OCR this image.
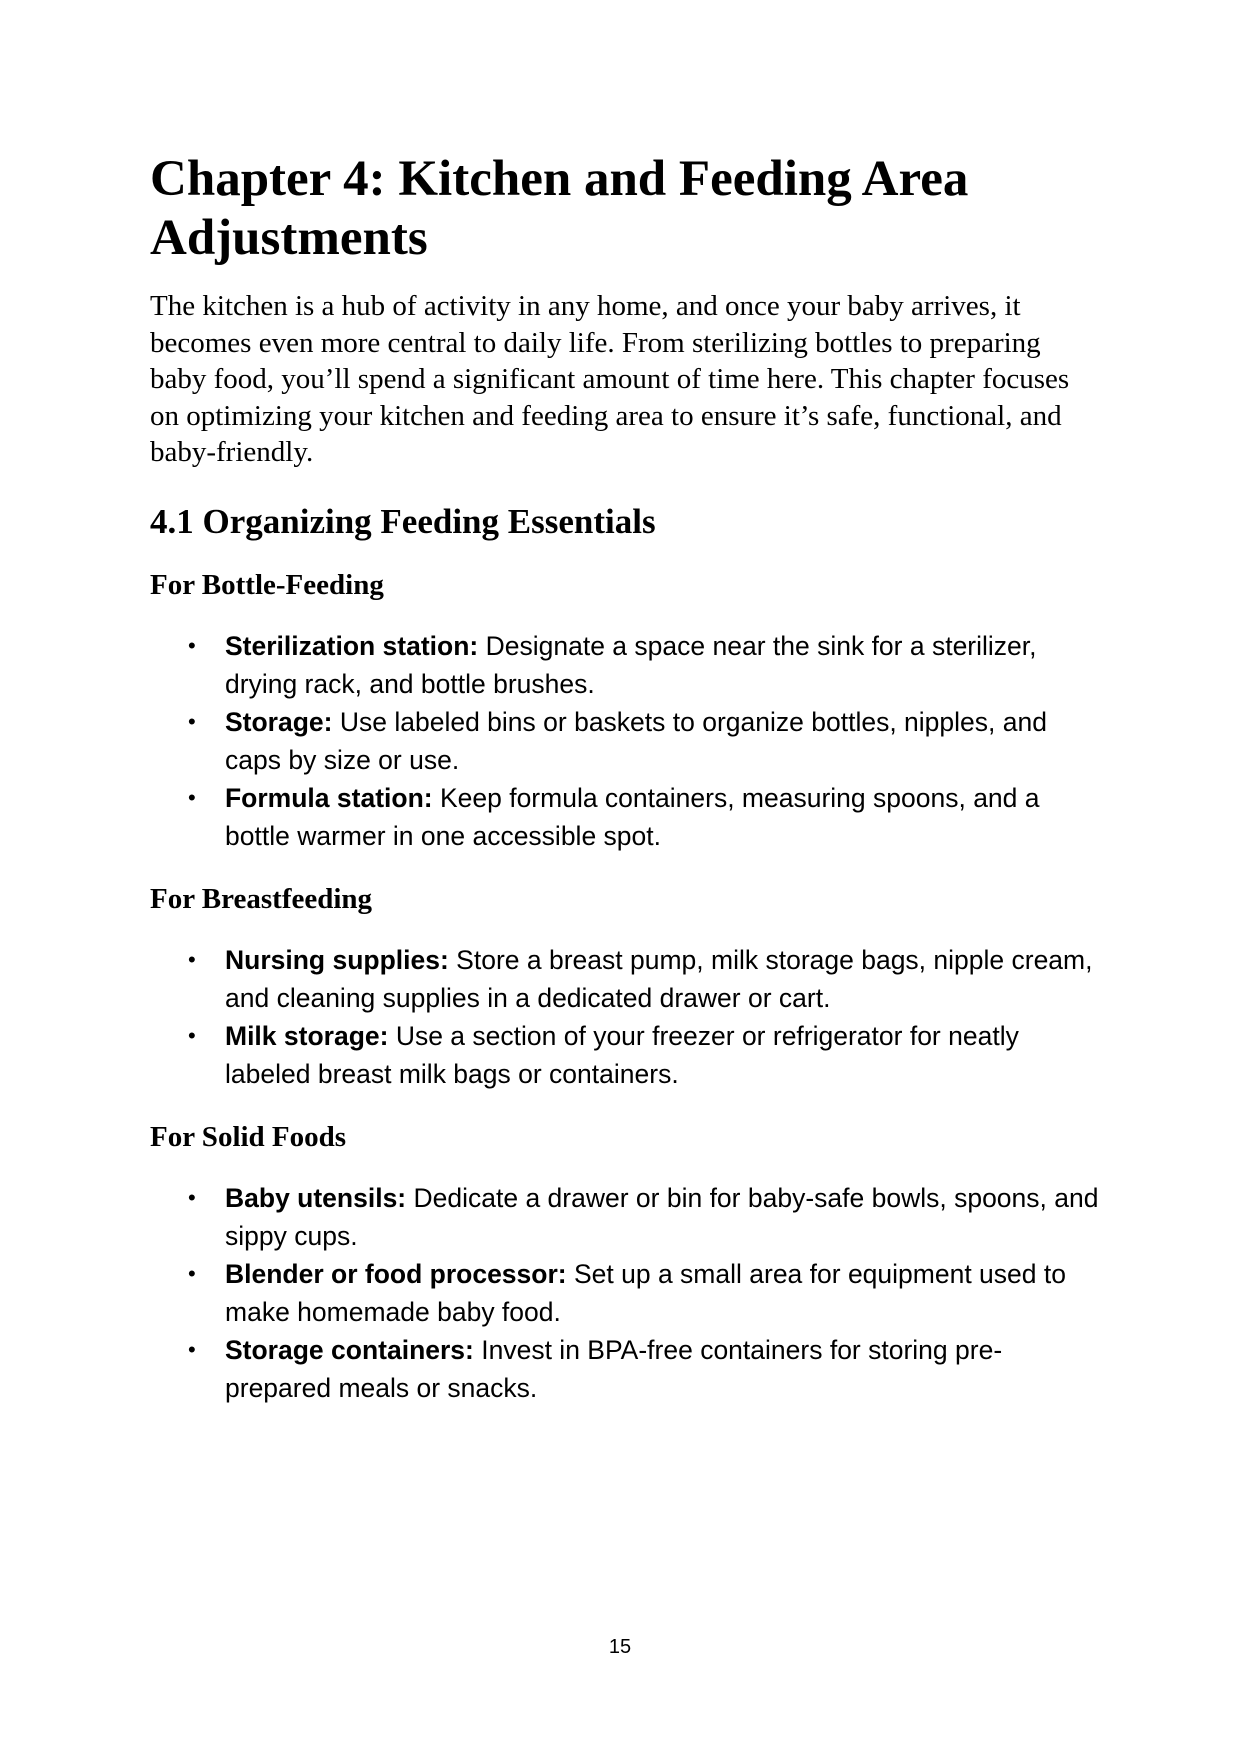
Chapter 4: Kitchen and Feeding Area Adjustments

The kitchen is a hub of activity in any home, and once your baby arrives, it becomes even more central to daily life. From sterilizing bottles to preparing baby food, you’ll spend a significant amount of time here. This chapter focuses on optimizing your kitchen and feeding area to ensure it’s safe, functional, and baby-friendly.

4.1 Organizing Feeding Essentials
For Bottle-Feeding
• Sterilization station: Designate a space near the sink for a sterilizer, drying rack, and bottle brushes.
• Storage: Use labeled bins or baskets to organize bottles, nipples, and caps by size or use.
• Formula station: Keep formula containers, measuring spoons, and a bottle warmer in one accessible spot.
For Breastfeeding
• Nursing supplies: Store a breast pump, milk storage bags, nipple cream, and cleaning supplies in a dedicated drawer or cart.
• Milk storage: Use a section of your freezer or refrigerator for neatly labeled breast milk bags or containers.
For Solid Foods
• Baby utensils: Dedicate a drawer or bin for baby-safe bowls, spoons, and sippy cups.
• Blender or food processor: Set up a small area for equipment used to make homemade baby food.
• Storage containers: Invest in BPA-free containers for storing pre-prepared meals or snacks.
15
